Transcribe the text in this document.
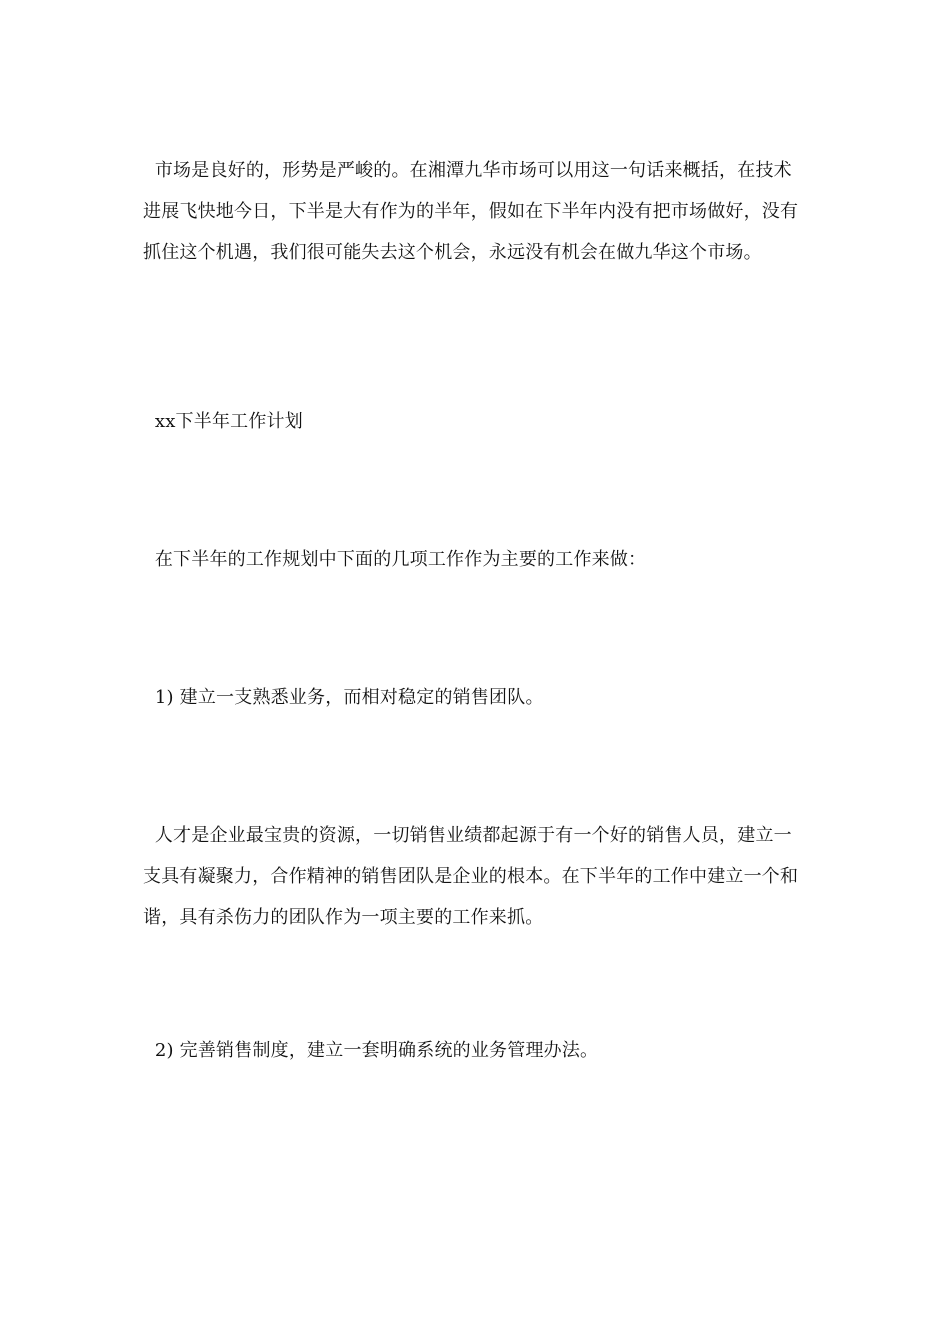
市场是良好的，形势是严峻的。在湘潭九华市场可以用这一句话来概括，在技术进展飞快地今日，下半是大有作为的半年，假如在下半年内没有把市场做好，没有抓住这个机遇，我们很可能失去这个机会，永远没有机会在做九华这个市场。
xx下半年工作计划
在下半年的工作规划中下面的几项工作作为主要的工作来做：
1) 建立一支熟悉业务，而相对稳定的销售团队。
人才是企业最宝贵的资源，一切销售业绩都起源于有一个好的销售人员，建立一支具有凝聚力，合作精神的销售团队是企业的根本。在下半年的工作中建立一个和谐，具有杀伤力的团队作为一项主要的工作来抓。
2) 完善销售制度，建立一套明确系统的业务管理办法。
